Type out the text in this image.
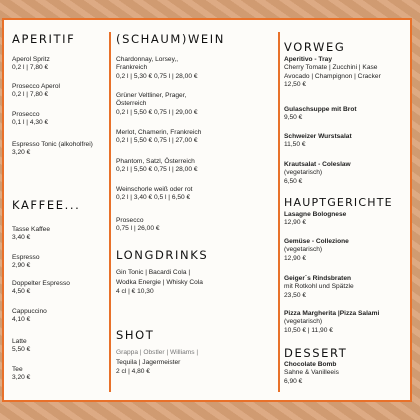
APERITIF
Aperol Spritz
0,2 l | 7,80 €
Prosecco Aperol
0,2 l | 7,80 €
Prosecco
0,1 l | 4,30 €
Espresso Tonic (alkoholfrei)
3,20 €
KAFFEE...
Tasse Kaffee
3,40 €
Espresso
2,90 €
Doppelter Espresso
4,50 €
Cappuccino
4,10 €
Latte
5,50 €
Tee
3,20 €
(SCHAUM)WEIN
Chardonnay, Lorsey,,
Frankreich
0,2 l | 5,30 € 0,75 l | 28,00 €
Grüner Veltliner, Prager,
Österreich
0,2 l | 5,50 € 0,75 l | 29,00 €
Merlot, Chamerin, Frankreich
0,2 l | 5,50 € 0,75 l | 27,00 €
Phantom, Satzl, Österreich
0,2 l | 5,50 € 0,75 l | 28,00 €
Weinschorle weiß oder rot
0,2 l | 3,40 € 0,5 l | 6,50 €
Prosecco
0,75 l | 26,00 €
LONGDRINKS
Gin Tonic | Bacardi Cola |
Wodka Energie | Whisky Cola
4 cl | € 10,30
SHOT
Grappa | Obstler | Williams |
Tequila | Jagermeister
2 cl | 4,80 €
VORWEG
Aperitivo - Tray
Cherry Tomate | Zucchini | Kase
Avocado | Champignon | Cracker
12,50 €
Gulaschsuppe mit Brot
9,50 €
Schweizer Wurstsalat
11,50 €
Krautsalat - Coleslaw
(vegetarisch)
6,50 €
HAUPTGERICHTE
Lasagne Bolognese
12,90 €
Gemüse - Collezione
(vegetarisch)
12,90 €
Geiger´s Rindsbraten
mit Rotkohl und Spätzle
23,50 €
Pizza Margherita |Pizza Salami
(vegetarisch)
10,50 € | 11,90 €
DESSERT
Chocolate Bomb
Sahne & Vanilleeis
6,90 €
